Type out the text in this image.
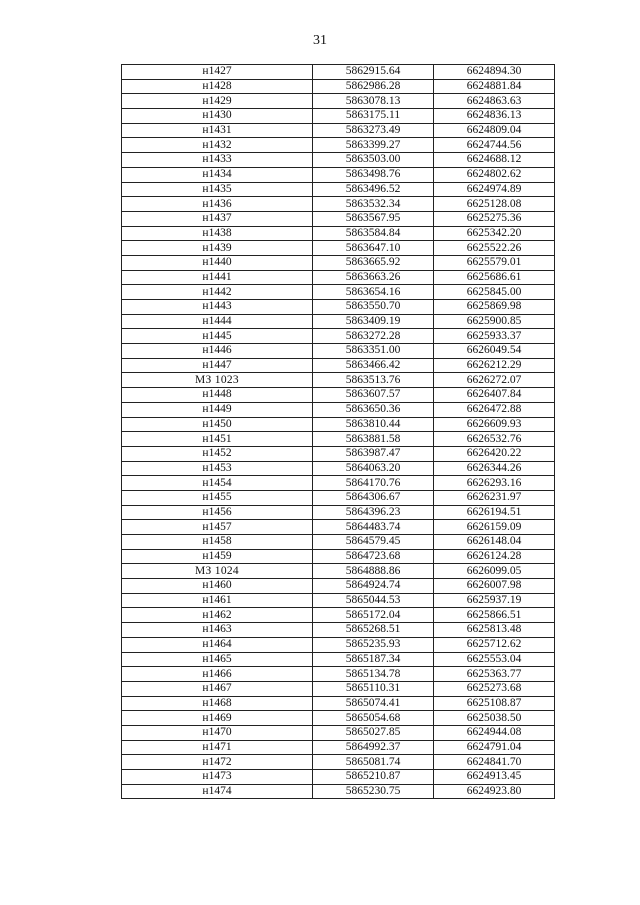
31
н1427	5862915.64	6624894.30
н1428	5862986.28	6624881.84
н1429	5863078.13	6624863.63
н1430	5863175.11	6624836.13
н1431	5863273.49	6624809.04
н1432	5863399.27	6624744.56
н1433	5863503.00	6624688.12
н1434	5863498.76	6624802.62
н1435	5863496.52	6624974.89
н1436	5863532.34	6625128.08
н1437	5863567.95	6625275.36
н1438	5863584.84	6625342.20
н1439	5863647.10	6625522.26
н1440	5863665.92	6625579.01
н1441	5863663.26	6625686.61
н1442	5863654.16	6625845.00
н1443	5863550.70	6625869.98
н1444	5863409.19	6625900.85
н1445	5863272.28	6625933.37
н1446	5863351.00	6626049.54
н1447	5863466.42	6626212.29
МЗ 1023	5863513.76	6626272.07
н1448	5863607.57	6626407.84
н1449	5863650.36	6626472.88
н1450	5863810.44	6626609.93
н1451	5863881.58	6626532.76
н1452	5863987.47	6626420.22
н1453	5864063.20	6626344.26
н1454	5864170.76	6626293.16
н1455	5864306.67	6626231.97
н1456	5864396.23	6626194.51
н1457	5864483.74	6626159.09
н1458	5864579.45	6626148.04
н1459	5864723.68	6626124.28
МЗ 1024	5864888.86	6626099.05
н1460	5864924.74	6626007.98
н1461	5865044.53	6625937.19
н1462	5865172.04	6625866.51
н1463	5865268.51	6625813.48
н1464	5865235.93	6625712.62
н1465	5865187.34	6625553.04
н1466	5865134.78	6625363.77
н1467	5865110.31	6625273.68
н1468	5865074.41	6625108.87
н1469	5865054.68	6625038.50
н1470	5865027.85	6624944.08
н1471	5864992.37	6624791.04
н1472	5865081.74	6624841.70
н1473	5865210.87	6624913.45
н1474	5865230.75	6624923.80
